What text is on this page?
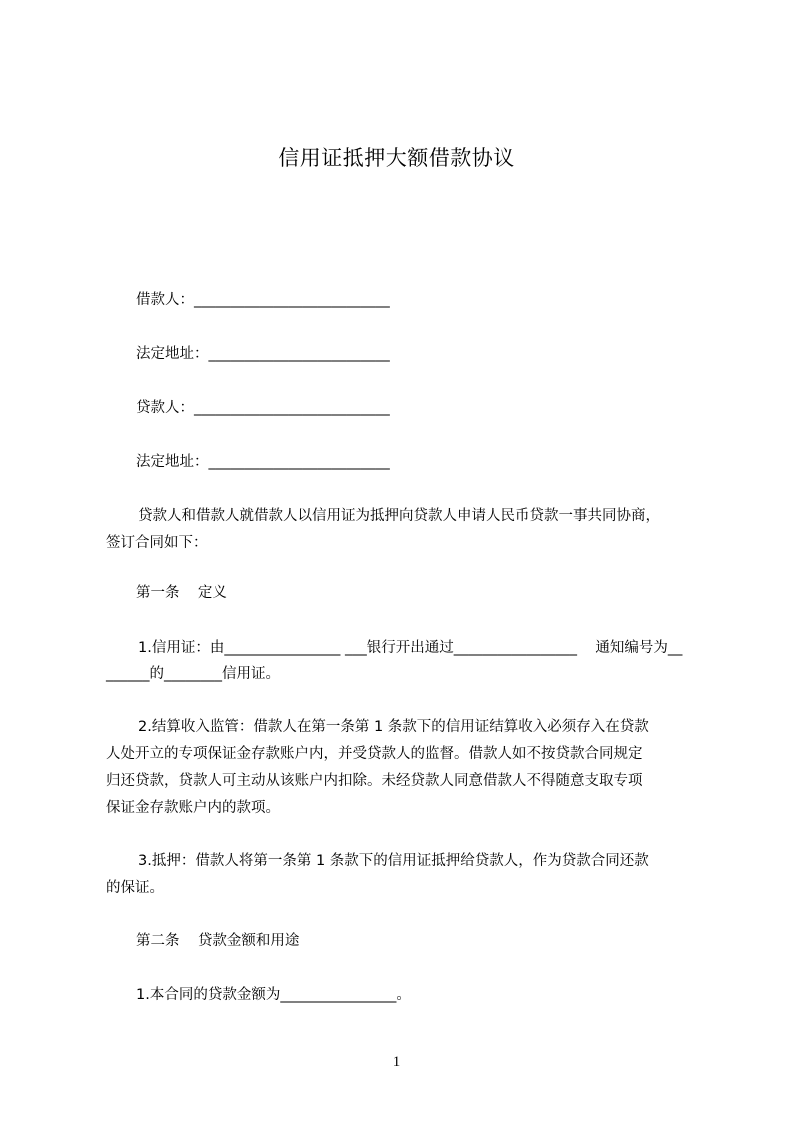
信用证抵押大额借款协议
借款人：___________________________
法定地址：_________________________
贷款人：___________________________
法定地址：_________________________
贷款人和借款人就借款人以信用证为抵押向贷款人申请人民币贷款一事共同协商，
签订合同如下：
第一条    定义
1.信用证：由________________ ___银行开出通过_________________    通知编号为__
______的________信用证。
2.结算收入监管：借款人在第一条第 1 条款下的信用证结算收入必须存入在贷款
人处开立的专项保证金存款账户内，并受贷款人的监督。借款人如不按贷款合同规定
归还贷款，贷款人可主动从该账户内扣除。未经贷款人同意借款人不得随意支取专项
保证金存款账户内的款项。
3.抵押：借款人将第一条第 1 条款下的信用证抵押给贷款人，作为贷款合同还款
的保证。
第二条    贷款金额和用途
1.本合同的贷款金额为________________。
1
